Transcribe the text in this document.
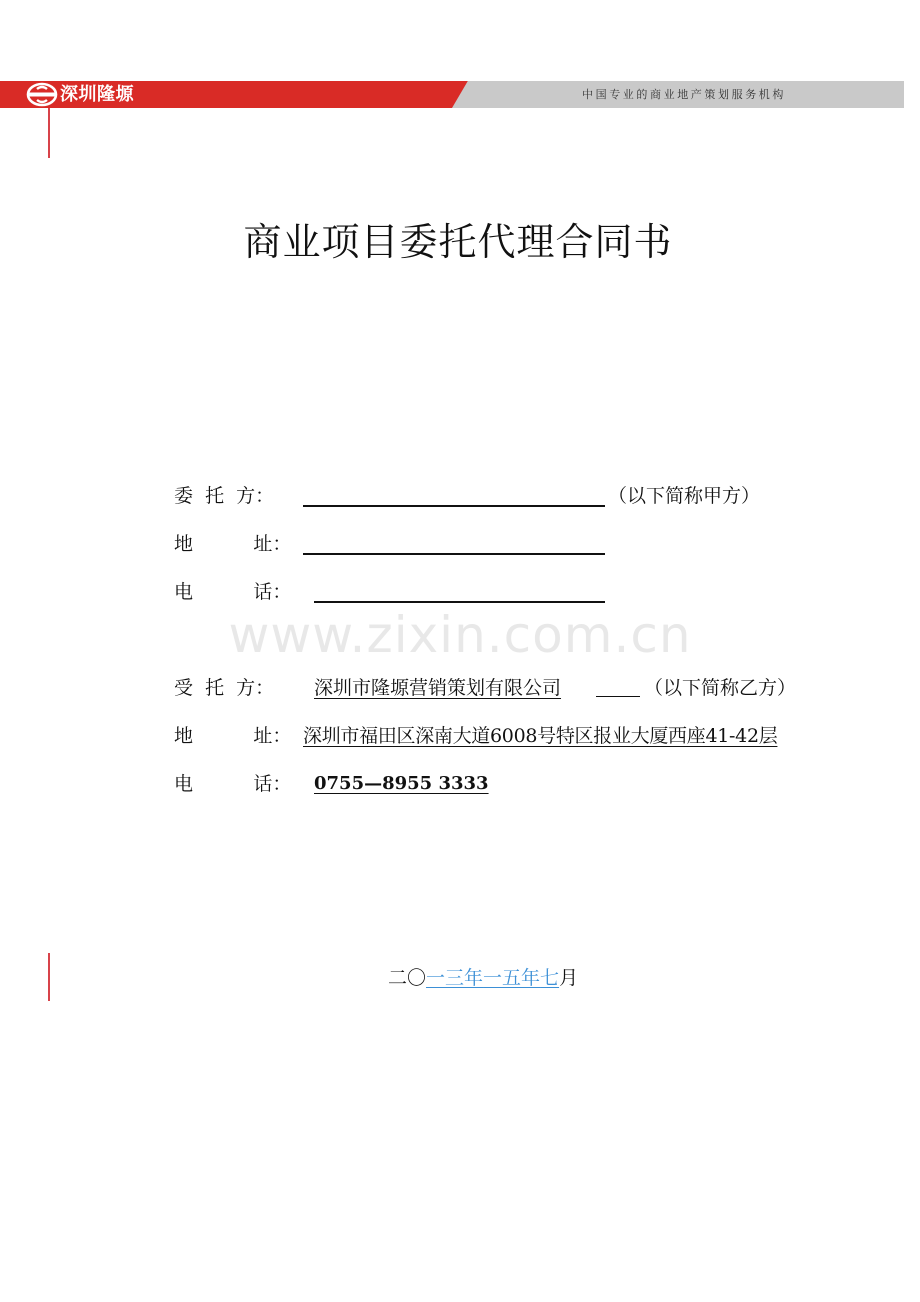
深圳隆塬	中国专业的商业地产策划服务机构
商业项目委托代理合同书
委  托  方：	（以下简称甲方）
地          址：
电          话：
www.zixin.com.cn
受  托  方： 深圳市隆塬营销策划有限公司	（以下简称乙方）
地          址： 深圳市福田区深南大道6008号特区报业大厦西座41-42层
电          话： 0755—8955 3333
二〇一三年一五年七月
